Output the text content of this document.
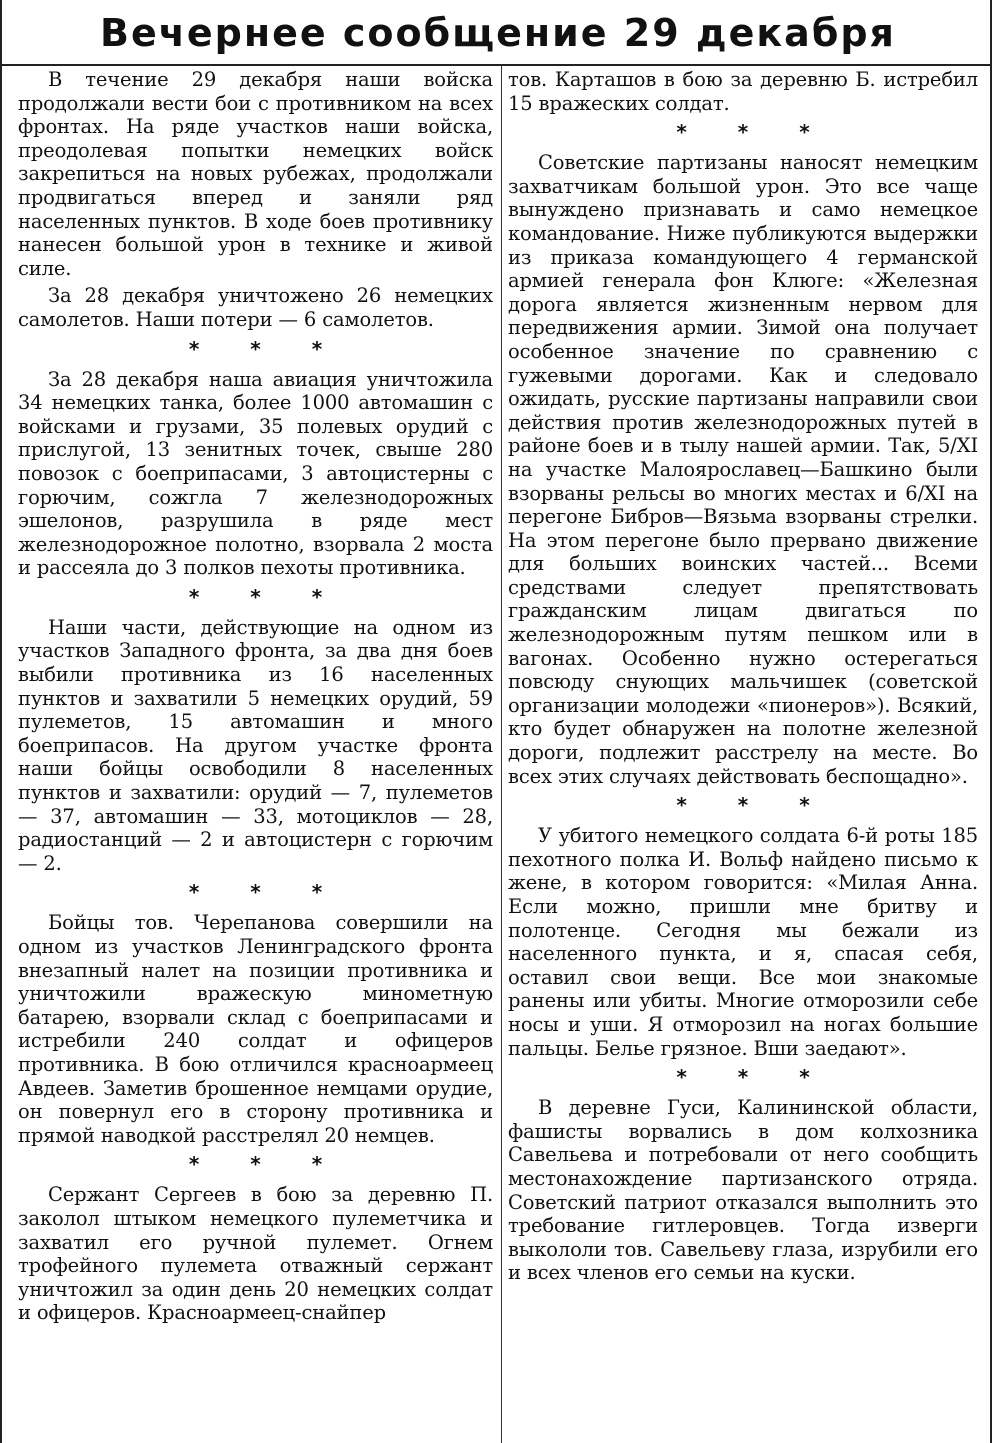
Вечернее сообщение 29 декабря

В течение 29 декабря наши войска продолжали вести бои с противником на всех фронтах. На ряде участков наши войска, преодолевая попытки немецких войск закрепиться на новых рубежах, продолжали продвигаться вперед и заняли ряд населенных пунктов. В ходе боев противнику нанесен большой урон в технике и живой силе.

За 28 декабря уничтожено 26 немецких самолетов. Наши потери — 6 самолетов.

* * *

За 28 декабря наша авиация уничтожила 34 немецких танка, более 1000 автомашин с войсками и грузами, 35 полевых орудий с прислугой, 13 зенитных точек, свыше 280 повозок с боеприпасами, 3 автоцистерны с горючим, сожгла 7 железнодорожных эшелонов, разрушила в ряде мест железнодорожное полотно, взорвала 2 моста и рассеяла до 3 полков пехоты противника.

* * *

Наши части, действующие на одном из участков Западного фронта, за два дня боев выбили противника из 16 населенных пунктов и захватили 5 немецких орудий, 59 пулеметов, 15 автомашин и много боеприпасов. На другом участке фронта наши бойцы освободили 8 населенных пунктов и захватили: орудий — 7, пулеметов — 37, автомашин — 33, мотоциклов — 28, радиостанций — 2 и автоцистерн с горючим — 2.

* * *

Бойцы тов. Черепанова совершили на одном из участков Ленинградского фронта внезапный налет на позиции противника и уничтожили вражескую минометную батарею, взорвали склад с боеприпасами и истребили 240 солдат и офицеров противника. В бою отличился красноармеец Авдеев. Заметив брошенное немцами орудие, он повернул его в сторону противника и прямой наводкой расстрелял 20 немцев.

* * *

Сержант Сергеев в бою за деревню П. заколол штыком немецкого пулеметчика и захватил его ручной пулемет. Огнем трофейного пулемета отважный сержант уничтожил за один день 20 немецких солдат и офицеров. Красноармеец-снайпер

тов. Карташов в бою за деревню Б. истребил 15 вражеских солдат.

* * *

Советские партизаны наносят немецким захватчикам большой урон. Это все чаще вынуждено признавать и само немецкое командование. Ниже публикуются выдержки из приказа командующего 4 германской армией генерала фон Клюге: «Железная дорога является жизненным нервом для передвижения армии. Зимой она получает особенное значение по сравнению с гужевыми дорогами. Как и следовало ожидать, русские партизаны направили свои действия против железнодорожных путей в районе боев и в тылу нашей армии. Так, 5/XI на участке Малоярославец—Башкино были взорваны рельсы во многих местах и 6/XI на перегоне Бибров—Вязьма взорваны стрелки. На этом перегоне было прервано движение для больших воинских частей... Всеми средствами следует препятствовать гражданским лицам двигаться по железнодорожным путям пешком или в вагонах. Особенно нужно остерегаться повсюду снующих мальчишек (советской организации молодежи «пионеров»). Всякий, кто будет обнаружен на полотне железной дороги, подлежит расстрелу на месте. Во всех этих случаях действовать беспощадно».

* * *

У убитого немецкого солдата 6-й роты 185 пехотного полка И. Вольф найдено письмо к жене, в котором говорится: «Милая Анна. Если можно, пришли мне бритву и полотенце. Сегодня мы бежали из населенного пункта, и я, спасая себя, оставил свои вещи. Все мои знакомые ранены или убиты. Многие отморозили себе носы и уши. Я отморозил на ногах большие пальцы. Белье грязное. Вши заедают».

* * *

В деревне Гуси, Калининской области, фашисты ворвались в дом колхозника Савельева и потребовали от него сообщить местонахождение партизанского отряда. Советский патриот отказался выполнить это требование гитлеровцев. Тогда изверги выкололи тов. Савельеву глаза, изрубили его и всех членов его семьи на куски.
